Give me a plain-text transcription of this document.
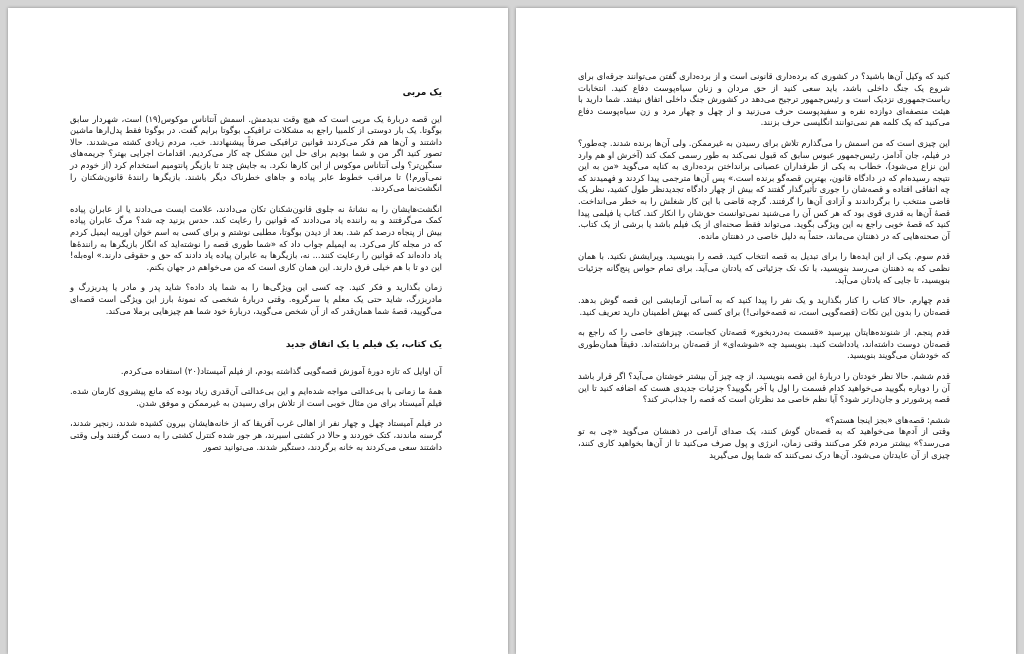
یک مربی

این قصه دربارهٔ یک مربی است که هیچ وقت ندیدمش. اسمش آنتاناس موکوس(۱۹) است، شهردار سابق بوگوتا. یک بار دوستی از کلمبیا راجع به مشکلات ترافیکی بوگوتا برایم گفت. در بوگوتا فقط پدل‌ارها ماشین داشتند و آن‌ها هم فکر می‌کردند قوانین ترافیکی صرفاً پیشنهادند. خب، مردم زیادی کشته می‌شدند. حالا تصور کنید اگر من و شما بودیم برای حل این مشکل چه کار می‌کردیم. اقدامات اجرایی بهتر؟ جریمه‌های سنگین‌تر؟ ولی آنتاناس موکوس از این کارها نکرد. به جایش چند تا بازیگر پانتومیم استخدام کرد (از خودم در نمی‌آورم!) تا مراقب خطوط عابر پیاده و جاهای خطرناک دیگر باشند. بازیگرها رانندهٔ قانون‌شکنان را انگشت‌نما می‌کردند.

انگشت‌هایشان را به نشانهٔ نه جلوی قانون‌شکنان تکان می‌دادند، علامت ایست می‌دادند یا از عابران پیاده کمک می‌گرفتند و به راننده یاد می‌دادند که قوانین را رعایت کند. حدس بزنید چه شد؟ مرگ عابران پیاده بیش از پنجاه درصد کم شد. بعد از دیدن بوگوتا، مطلبی نوشتم و برای کسی به اسم خوان اوریبه ایمیل کردم که در مجله کار می‌کرد. به ایمیلم جواب داد که «شما طوری قصه را نوشته‌اید که انگار بازیگرها به رانندهٔ‌ها یاد داده‌اند که قوانین را رعایت کنند... نه، بازیگرها به عابران پیاده یاد دادند که حق و حقوقی دارند.» اوه‌بله! این دو تا با هم خیلی فرق دارند. این همان کاری است که من می‌خواهم در جهان بکنم.

زمان بگذارید و فکر کنید. چه کسی این ویژگی‌ها را به شما یاد داده؟ شاید پدر و مادر یا پدربزرگ و مادربزرگ، شاید حتی یک معلم یا سرگروه. وقتی دربارهٔ شخصی که نمونهٔ بارز این ویژگی است قصه‌ای می‌گویید، قصهٔ شما همان‌قدر که از آن شخص می‌گوید، دربارهٔ خود شما هم چیزهایی برملا می‌کند.

یک کتاب، یک فیلم یا یک اتفاق جدید

آن اوایل که تازه دورهٔ آموزش قصه‌گویی گذاشته بودم، از فیلم آمیستاد(۲۰) استفاده می‌کردم.

همهٔ ما زمانی با بی‌عدالتی مواجه شده‌ایم و این بی‌عدالتی آن‌قدری زیاد بوده که مانع پیشروی کارمان شده. فیلم آمیستاد برای من مثال خوبی است از تلاش برای رسیدن به غیرممکن و موفق شدن.

در فیلم آمیستاد چهل و چهار نفر از اهالی غرب آفریقا که از خانه‌هایشان بیرون کشیده شدند، زنجیر شدند، گرسنه ماندند، کتک خوردند و حالا در کشتی اسیرند، هر جور شده کنترل کشتی را به دست گرفتند ولی وقتی داشتند سعی می‌کردند به خانه برگردند، دستگیر شدند. می‌توانید تصور

کنید که وکیل آن‌ها باشید؟ در کشوری که برده‌داری قانونی است و از برده‌داری گفتن می‌توانند جرقه‌ای برای شروع یک جنگ داخلی باشد، باید سعی کنید از حق مردان و زنان سیاه‌پوست دفاع کنید. انتخابات ریاست‌جمهوری نزدیک است و رئیس‌جمهور ترجیح می‌دهد در کشورش جنگ داخلی اتفاق نیفتد. شما دارید با هیئت منصفه‌ای دوازده نفره و سفیدپوست حرف می‌زنید و از چهل و چهار مرد و زن سیاه‌پوست دفاع می‌کنید که یک کلمه هم نمی‌توانند انگلیسی حرف بزنند.

این چیزی است که من اسمش را می‌گذارم تلاش برای رسیدن به غیرممکن. ولی آن‌ها برنده شدند. چه‌طور؟ در فیلم، جان آدامز، رئیس‌جمهور عبوس سابق که قبول نمی‌کند به طور رسمی کمک کند (آخرش او هم وارد این نزاع می‌شود)، خطاب به یکی از طرفداران عصبانی برانداختن برده‌داری به کنایه می‌گوید «من به این نتیجه رسیده‌ام که در دادگاه قانون، بهترین قصه‌گو برنده است.» پس آن‌ها مترجمی پیدا کردند و فهمیدند که چه اتفاقی افتاده و قصه‌شان را جوری تأثیرگذار گفتند که بیش از چهار دادگاه تجدیدنظر طول کشید، نظر یک قاضی منتخب را برگرداندند و آزادی آن‌ها را گرفتند. گرچه قاضی با این کار شغلش را به خطر می‌انداخت. قصهٔ آن‌ها به قدری قوی بود که هر کس آن را می‌شنید نمی‌توانست حق‌شان را انکار کند. کتاب یا فیلمی پیدا کنید که قصهٔ خوبی راجع به این ویژگی بگوید. می‌تواند فقط صحنه‌ای از یک فیلم باشد یا برشی از یک کتاب. آن صحنه‌هایی که در ذهنتان می‌ماند، حتماً به دلیل خاصی در ذهنتان مانده.

قدم سوم. یکی از این ایده‌ها را برای تبدیل به قصه انتخاب کنید. قصه را بنویسید. ویرایشش نکنید. با همان نظمی که به ذهنتان می‌رسد بنویسید، با تک تک جزئیاتی که یادتان می‌آید. برای تمام حواس پنج‌گانه جزئیات بنویسید، تا جایی که یادتان می‌آید.

قدم چهارم. حالا کتاب را کنار بگذارید و یک نفر را پیدا کنید که به آسانی آزمایشی این قصه گوش بدهد. قصه‌تان را بدون این نکات (قصه‌گویی است، نه قصه‌خوانی!) برای کسی که بهش اطمینان دارید تعریف کنید.

قدم پنجم. از شنونده‌هایتان بپرسید «قسمت به‌دردبخور» قصه‌تان کجاست. چیزهای خاصی را که راجع به قصه‌تان دوست داشته‌اند، یادداشت کنید. بنویسید چه «شوشه‌ای» از قصه‌تان برداشته‌اند. دقیقاً همان‌طوری که خودشان می‌گویند بنویسید.

قدم ششم. حالا نظر خودتان را دربارهٔ این قصه بنویسید. از چه چیز آن بیشتر خوشتان می‌آید؟ اگر قرار باشد آن را دوباره بگویید می‌خواهید کدام قسمت را اول یا آخر بگویید؟ جزئیات جدیدی هست که اضافه کنید تا این قصه پرشورتر و جان‌دارتر شود؟ آیا نظم خاصی مد نظرتان است که قصه را جذاب‌تر کند؟

ششم: قصه‌های «بجز اینجا هستم؟»

وقتی از آدم‌ها می‌خواهید که به قصه‌تان گوش کنند، یک صدای آرامی در ذهنشان می‌گوید «چی به تو می‌رسد؟» بیشتر مردم فکر می‌کنند وقتی زمان، انرژی و پول صرف می‌کنید تا از آن‌ها بخواهید کاری کنند، چیزی از آن عایدتان می‌شود. آن‌ها درک نمی‌کنند که شما پول می‌گیرید
